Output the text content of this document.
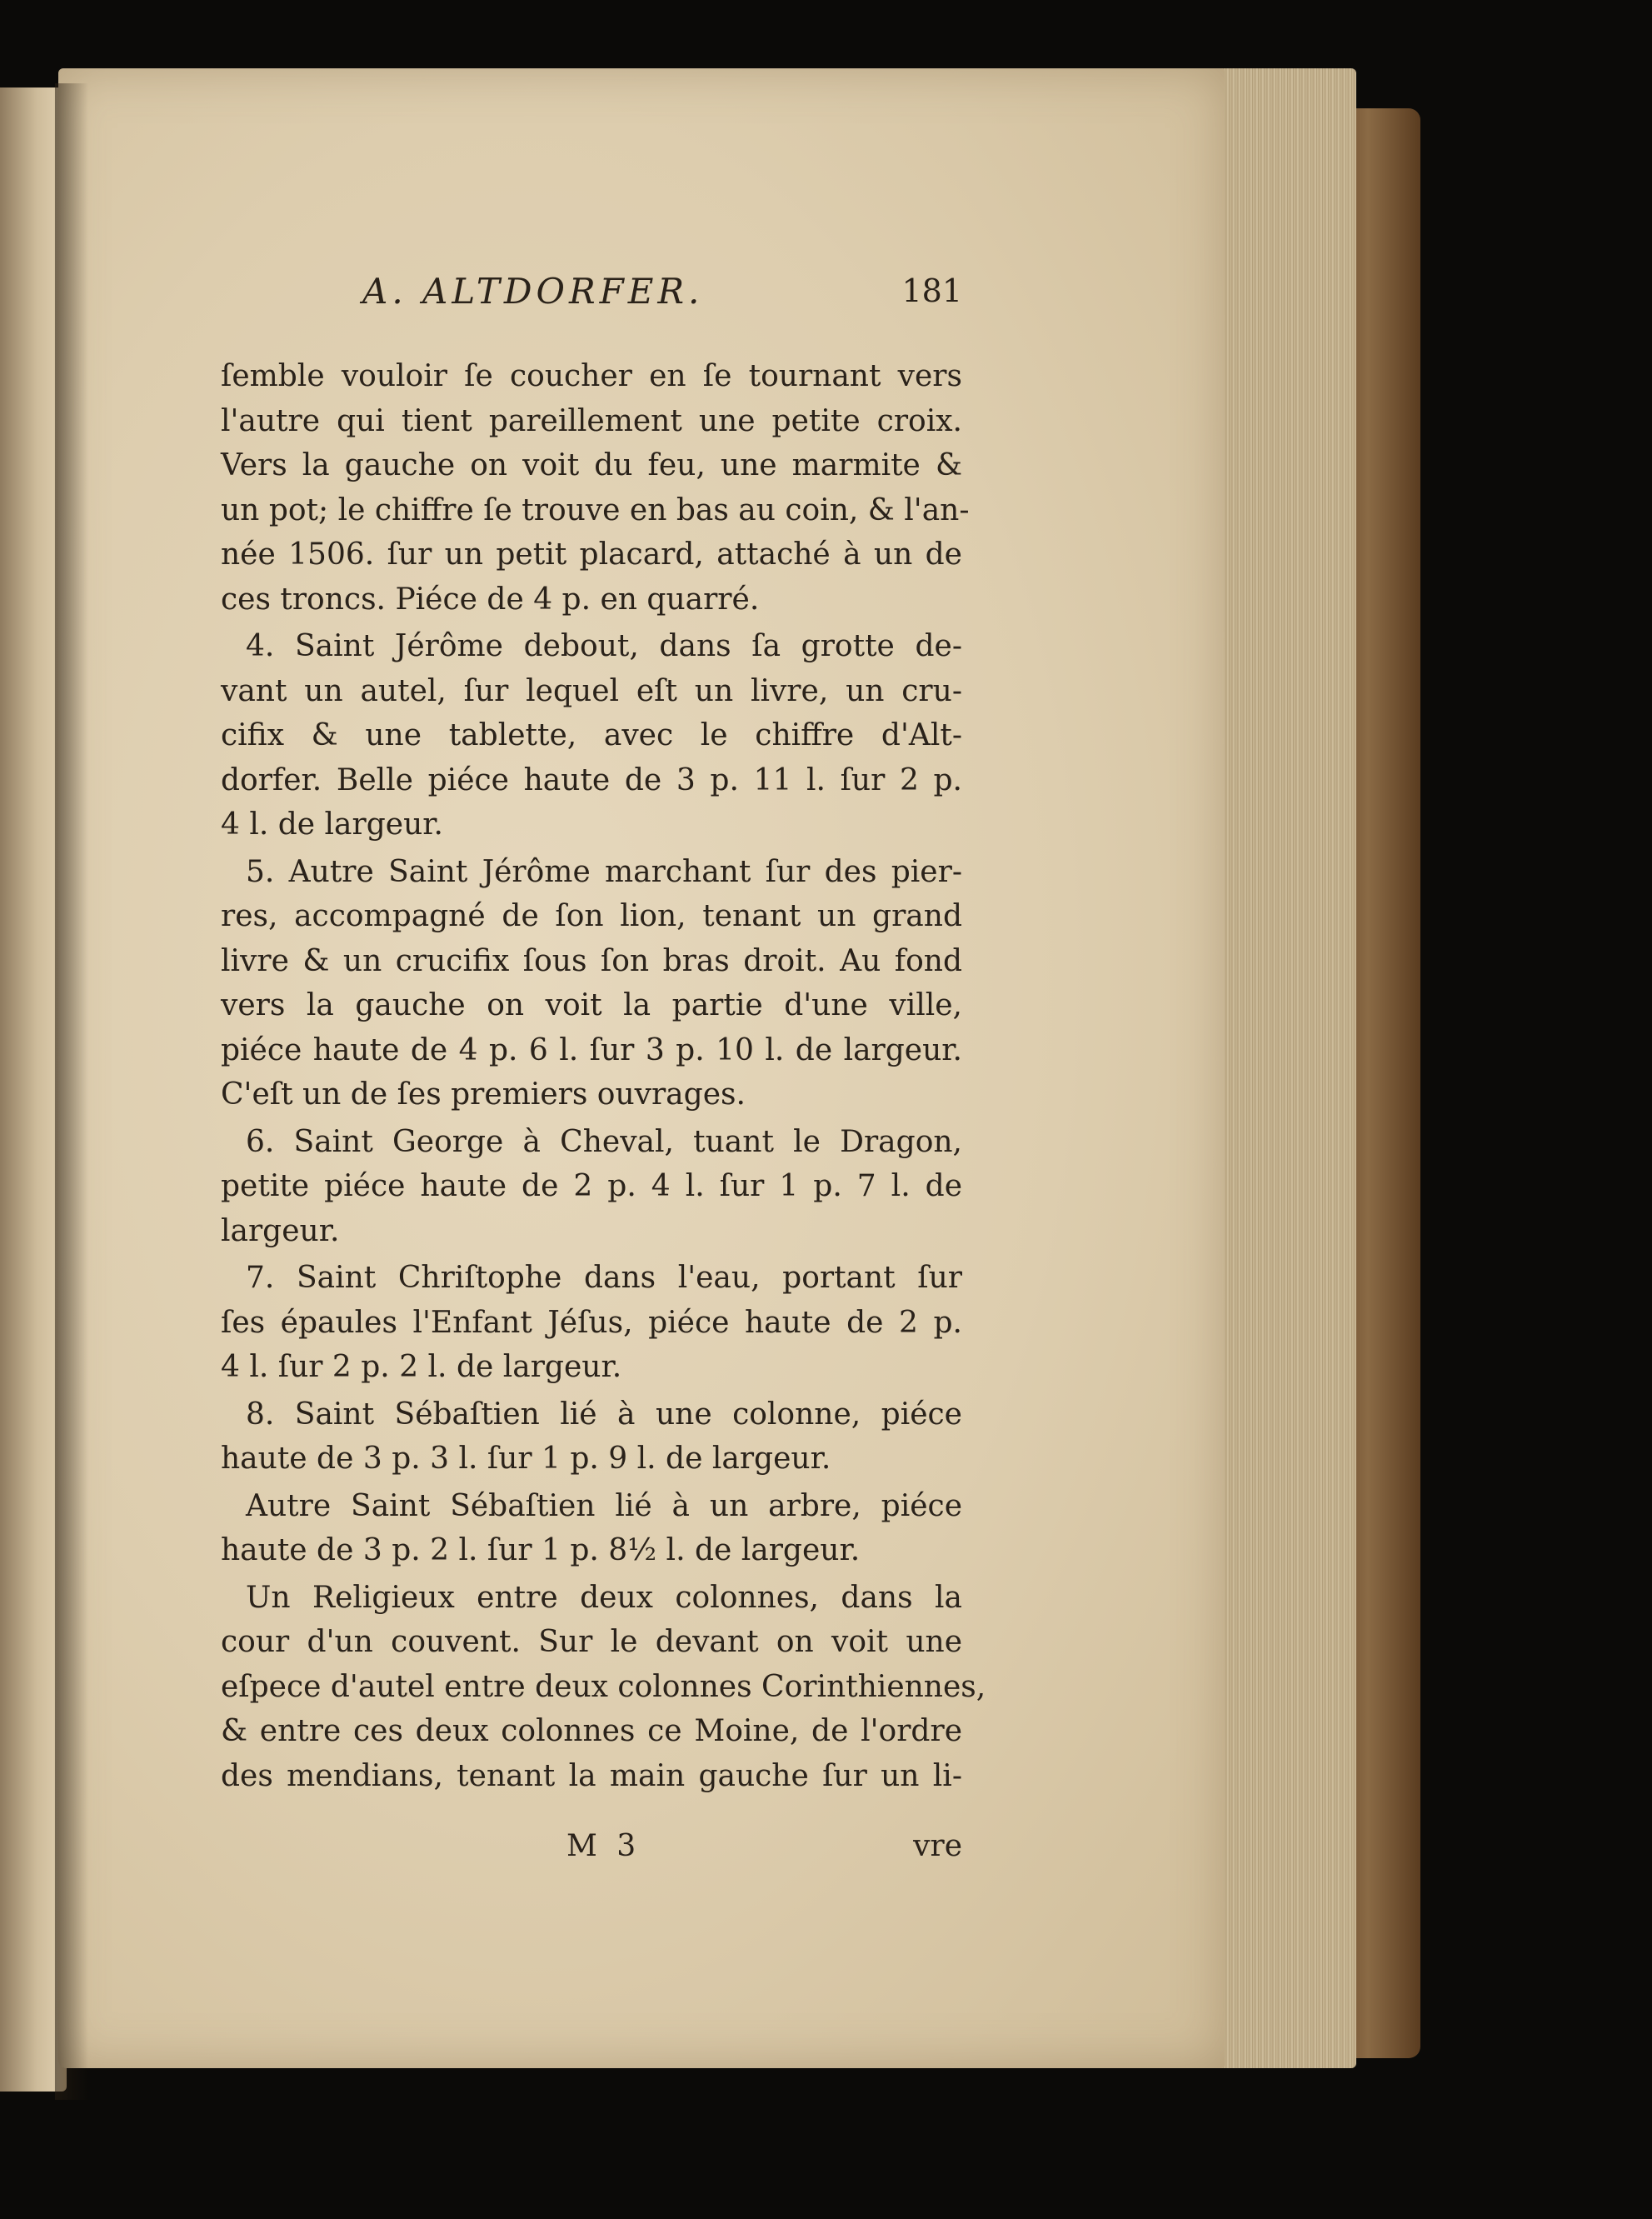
A. ALTDORFER.	181
ſemble vouloir ſe coucher en ſe tournant vers
l'autre qui tient pareillement une petite croix.
Vers la gauche on voit du feu, une marmite &
un pot; le chiffre ſe trouve en bas au coin, & l'an-
née 1506. ſur un petit placard, attaché à un de
ces troncs. Piéce de 4 p. en quarré.
4. Saint Jérôme debout, dans ſa grotte de-
vant un autel, ſur lequel eſt un livre, un cru-
cifix & une tablette, avec le chiffre d'Alt-
dorfer. Belle piéce haute de 3 p. 11 l. ſur 2 p.
4 l. de largeur.
5. Autre Saint Jérôme marchant ſur des pier-
res, accompagné de ſon lion, tenant un grand
livre & un crucifix ſous ſon bras droit. Au fond
vers la gauche on voit la partie d'une ville,
piéce haute de 4 p. 6 l. ſur 3 p. 10 l. de largeur.
C'eſt un de ſes premiers ouvrages.
6. Saint George à Cheval, tuant le Dragon,
petite piéce haute de 2 p. 4 l. ſur 1 p. 7 l. de
largeur.
7. Saint Chriſtophe dans l'eau, portant ſur
ſes épaules l'Enfant Jéſus, piéce haute de 2 p.
4 l. ſur 2 p. 2 l. de largeur.
8. Saint Sébaſtien lié à une colonne, piéce
haute de 3 p. 3 l. ſur 1 p. 9 l. de largeur.
Autre Saint Sébaſtien lié à un arbre, piéce
haute de 3 p. 2 l. ſur 1 p. 8½ l. de largeur.
Un Religieux entre deux colonnes, dans la
cour d'un couvent. Sur le devant on voit une
eſpece d'autel entre deux colonnes Corinthiennes,
& entre ces deux colonnes ce Moine, de l'ordre
des mendians, tenant la main gauche ſur un li-
M 3	vre
